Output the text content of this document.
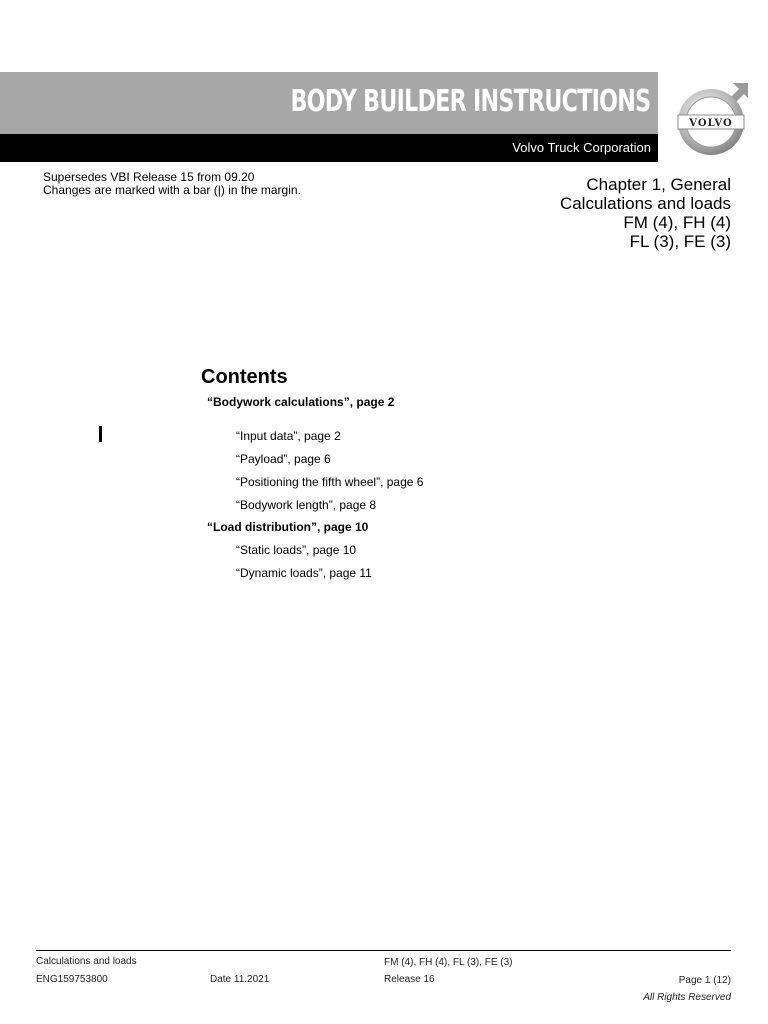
BODY BUILDER INSTRUCTIONS
Volvo Truck Corporation
VOLVO
Supersedes VBI Release 15 from 09.20
Changes are marked with a bar (|) in the margin.	Chapter 1, General
Calculations and loads
FM (4), FH (4)
FL (3), FE (3)
Contents
“Bodywork calculations”, page 2
“Input data”, page 2
“Payload”, page 6
“Positioning the fifth wheel”, page 6
“Bodywork length”, page 8
“Load distribution”, page 10
“Static loads”, page 10
“Dynamic loads”, page 11
Calculations and loads	FM (4), FH (4), FL (3), FE (3)
ENG159753800	Date 11.2021	Release 16	Page 1 (12)
All Rights Reserved
